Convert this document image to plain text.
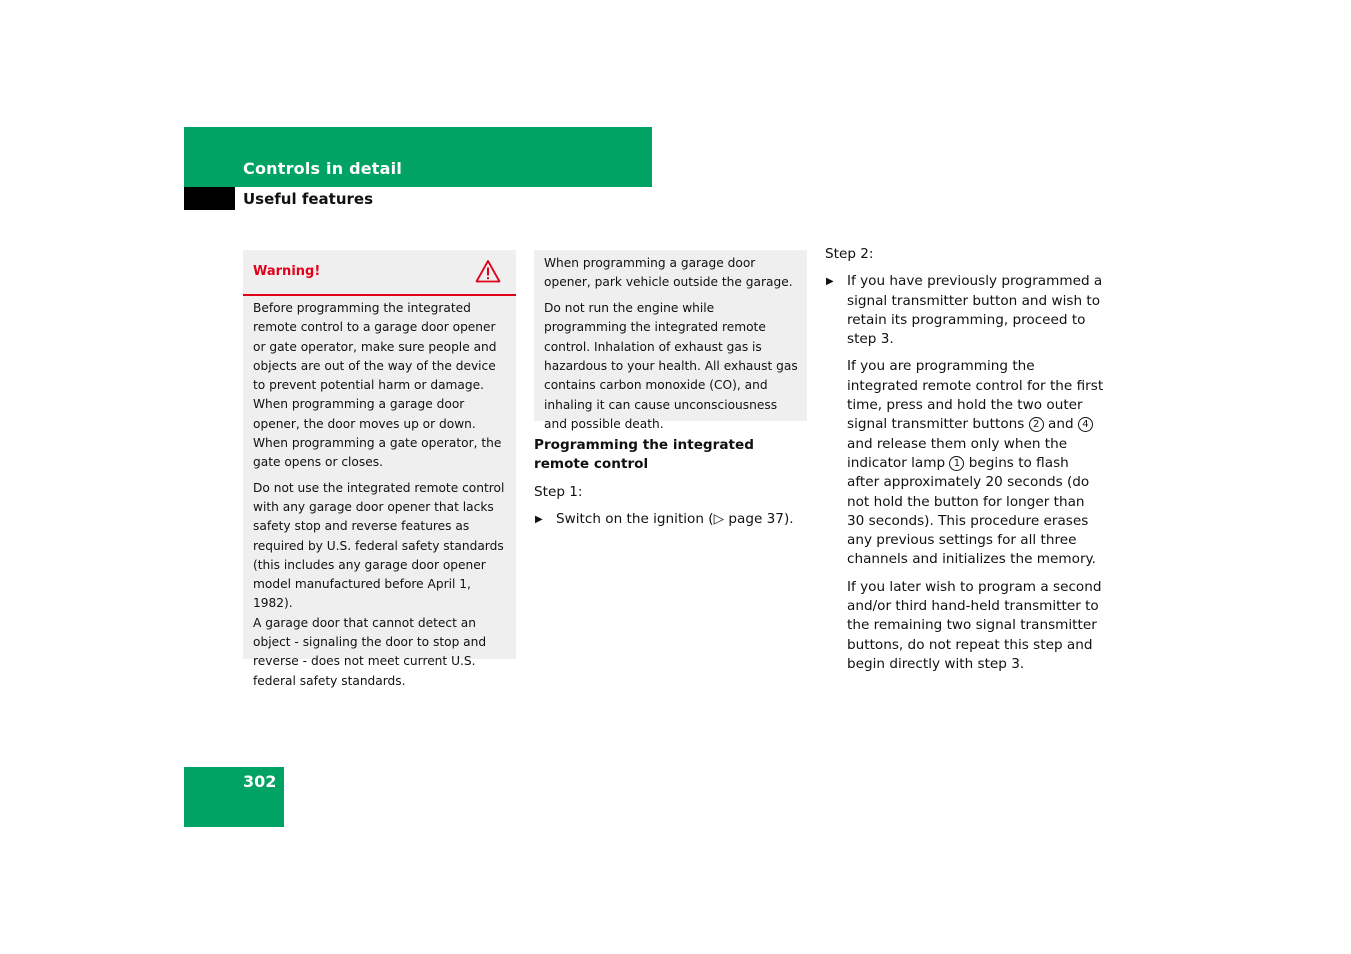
Controls in detail
Useful features
Warning!

Before programming the integrated remote control to a garage door opener or gate operator, make sure people and objects are out of the way of the device to prevent potential harm or damage. When programming a garage door opener, the door moves up or down. When programming a gate operator, the gate opens or closes.

Do not use the integrated remote control with any garage door opener that lacks safety stop and reverse features as required by U.S. federal safety standards (this includes any garage door opener model manufactured before April 1, 1982).

A garage door that cannot detect an object - signaling the door to stop and reverse - does not meet current U.S. federal safety standards.

When programming a garage door opener, park vehicle outside the garage.

Do not run the engine while programming the integrated remote control. Inhalation of exhaust gas is hazardous to your health. All exhaust gas contains carbon monoxide (CO), and inhaling it can cause unconsciousness and possible death.

Programming the integrated remote control

Step 1:

▶ Switch on the ignition (▷ page 37).

Step 2:

▶ If you have previously programmed a signal transmitter button and wish to retain its programming, proceed to step 3.

If you are programming the integrated remote control for the first time, press and hold the two outer signal transmitter buttons 2 and 4 and release them only when the indicator lamp 1 begins to flash after approximately 20 seconds (do not hold the button for longer than 30 seconds). This procedure erases any previous settings for all three channels and initializes the memory.

If you later wish to program a second and/or third hand-held transmitter to the remaining two signal transmitter buttons, do not repeat this step and begin directly with step 3.

302
